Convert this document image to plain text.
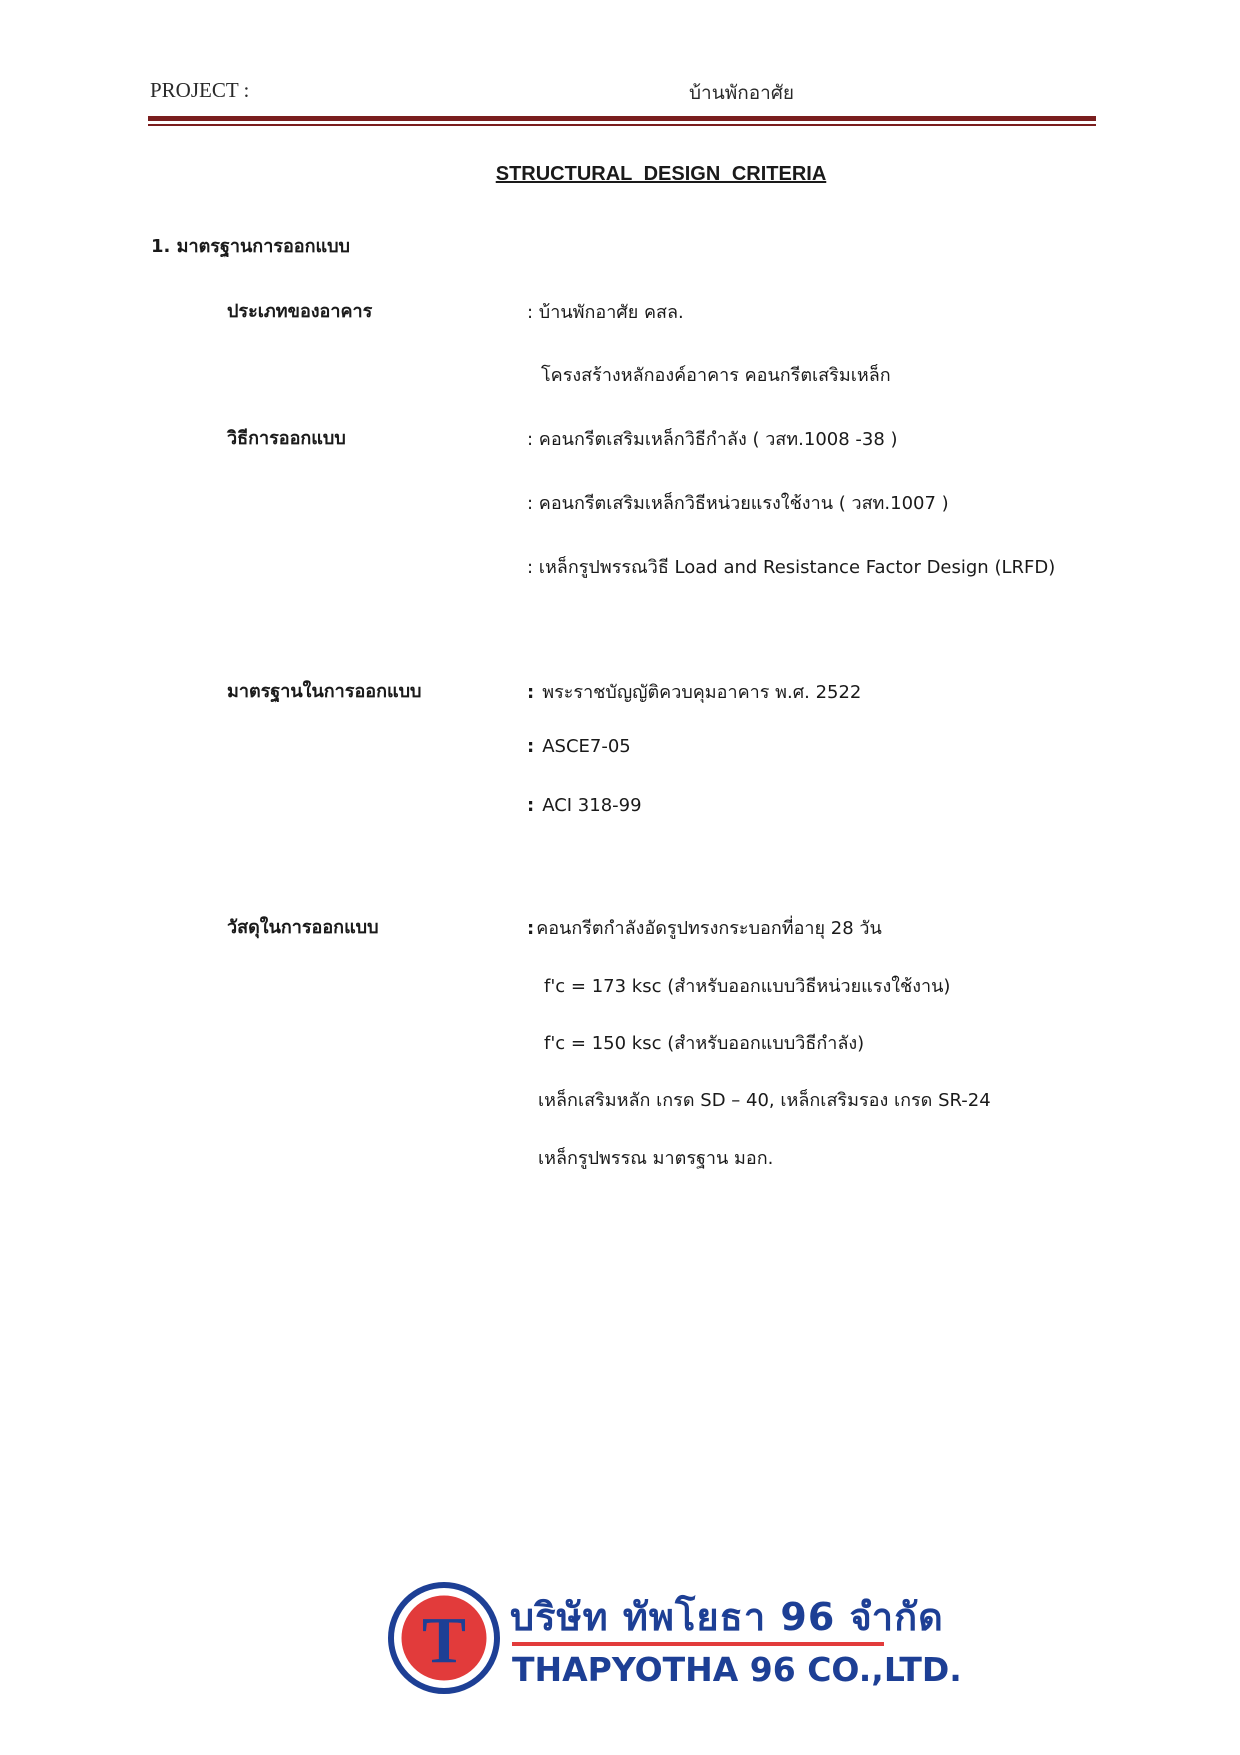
PROJECT :	บ้านพักอาศัย
STRUCTURAL DESIGN CRITERIA
1. มาตรฐานการออกแบบ
ประเภทของอาคาร	: บ้านพักอาศัย คสล.
โครงสร้างหลักองค์อาคาร คอนกรีตเสริมเหล็ก
วิธีการออกแบบ	: คอนกรีตเสริมเหล็กวิธีกำลัง ( วสท.1008 -38 )
: คอนกรีตเสริมเหล็กวิธีหน่วยแรงใช้งาน ( วสท.1007 )
: เหล็กรูปพรรณวิธี Load and Resistance Factor Design (LRFD)
มาตรฐานในการออกแบบ	: พระราชบัญญัติควบคุมอาคาร พ.ศ. 2522
: ASCE7-05
: ACI 318-99
วัสดุในการออกแบบ	: คอนกรีตกำลังอัดรูปทรงกระบอกที่อายุ 28 วัน
f'c = 173 ksc (สำหรับออกแบบวิธีหน่วยแรงใช้งาน)
f'c = 150 ksc (สำหรับออกแบบวิธีกำลัง)
เหล็กเสริมหลัก เกรด SD – 40, เหล็กเสริมรอง เกรด SR-24
เหล็กรูปพรรณ มาตรฐาน มอก.
T บริษัท ทัพโยธา 96 จำกัด
THAPYOTHA 96 CO.,LTD.
